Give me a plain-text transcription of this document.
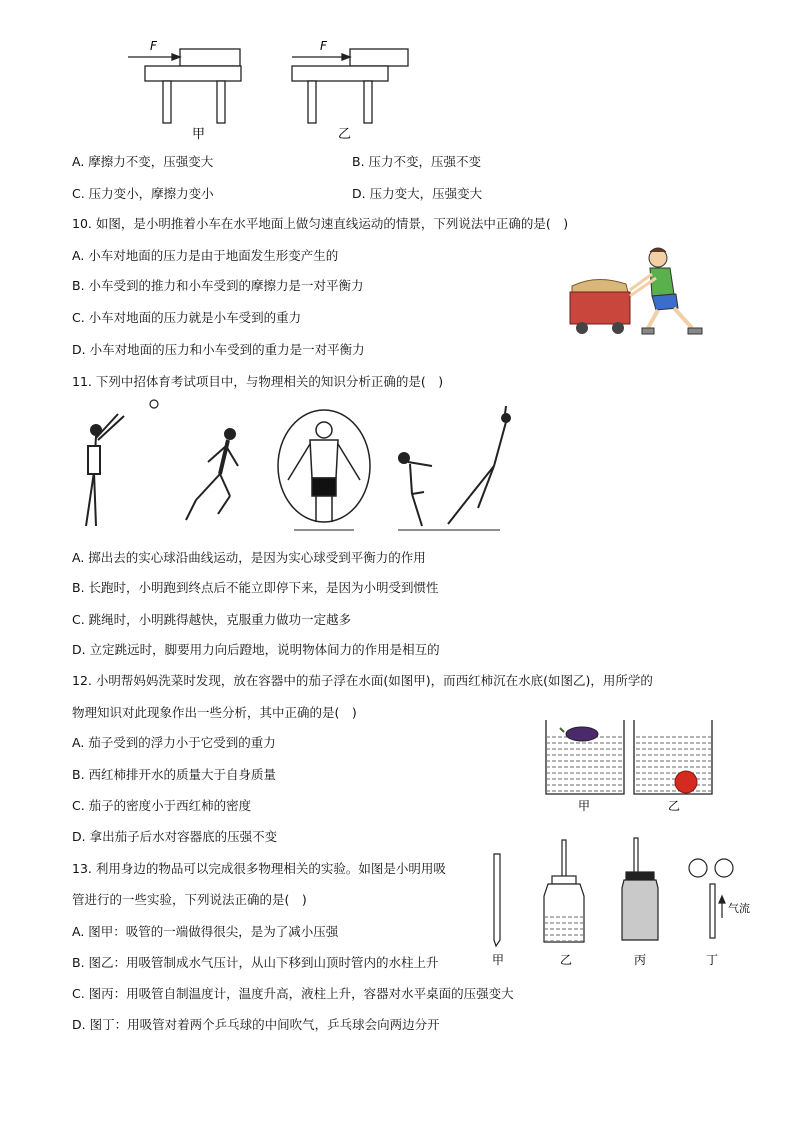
F
甲
F
乙
A. 摩擦力不变，压强变大	B. 压力不变，压强不变
C. 压力变小，摩擦力变小	D. 压力变大，压强变大
10. 如图，是小明推着小车在水平地面上做匀速直线运动的情景，下列说法中正确的是(　)
A. 小车对地面的压力是由于地面发生形变产生的
B. 小车受到的推力和小车受到的摩擦力是一对平衡力
C. 小车对地面的压力就是小车受到的重力
D. 小车对地面的压力和小车受到的重力是一对平衡力
11. 下列中招体育考试项目中，与物理相关的知识分析正确的是(　)
A. 掷出去的实心球沿曲线运动，是因为实心球受到平衡力的作用
B. 长跑时，小明跑到终点后不能立即停下来，是因为小明受到惯性
C. 跳绳时，小明跳得越快，克服重力做功一定越多
D. 立定跳远时，脚要用力向后蹬地，说明物体间力的作用是相互的
12. 小明帮妈妈洗菜时发现，放在容器中的茄子浮在水面(如图甲)，而西红柿沉在水底(如图乙)，用所学的
物理知识对此现象作出一些分析，其中正确的是(　)
A. 茄子受到的浮力小于它受到的重力
B. 西红柿排开水的质量大于自身质量
C. 茄子的密度小于西红柿的密度
D. 拿出茄子后水对容器底的压强不变
甲	乙
13. 利用身边的物品可以完成很多物理相关的实验。如图是小明用吸
管进行的一些实验，下列说法正确的是(　)
A. 图甲：吸管的一端做得很尖，是为了减小压强
B. 图乙：用吸管制成水气压计，从山下移到山顶时管内的水柱上升
C. 图丙：用吸管自制温度计，温度升高，液柱上升，容器对水平桌面的压强变大
D. 图丁：用吸管对着两个乒乓球的中间吹气，乒乓球会向两边分开
甲	乙	丙
气流
丁
